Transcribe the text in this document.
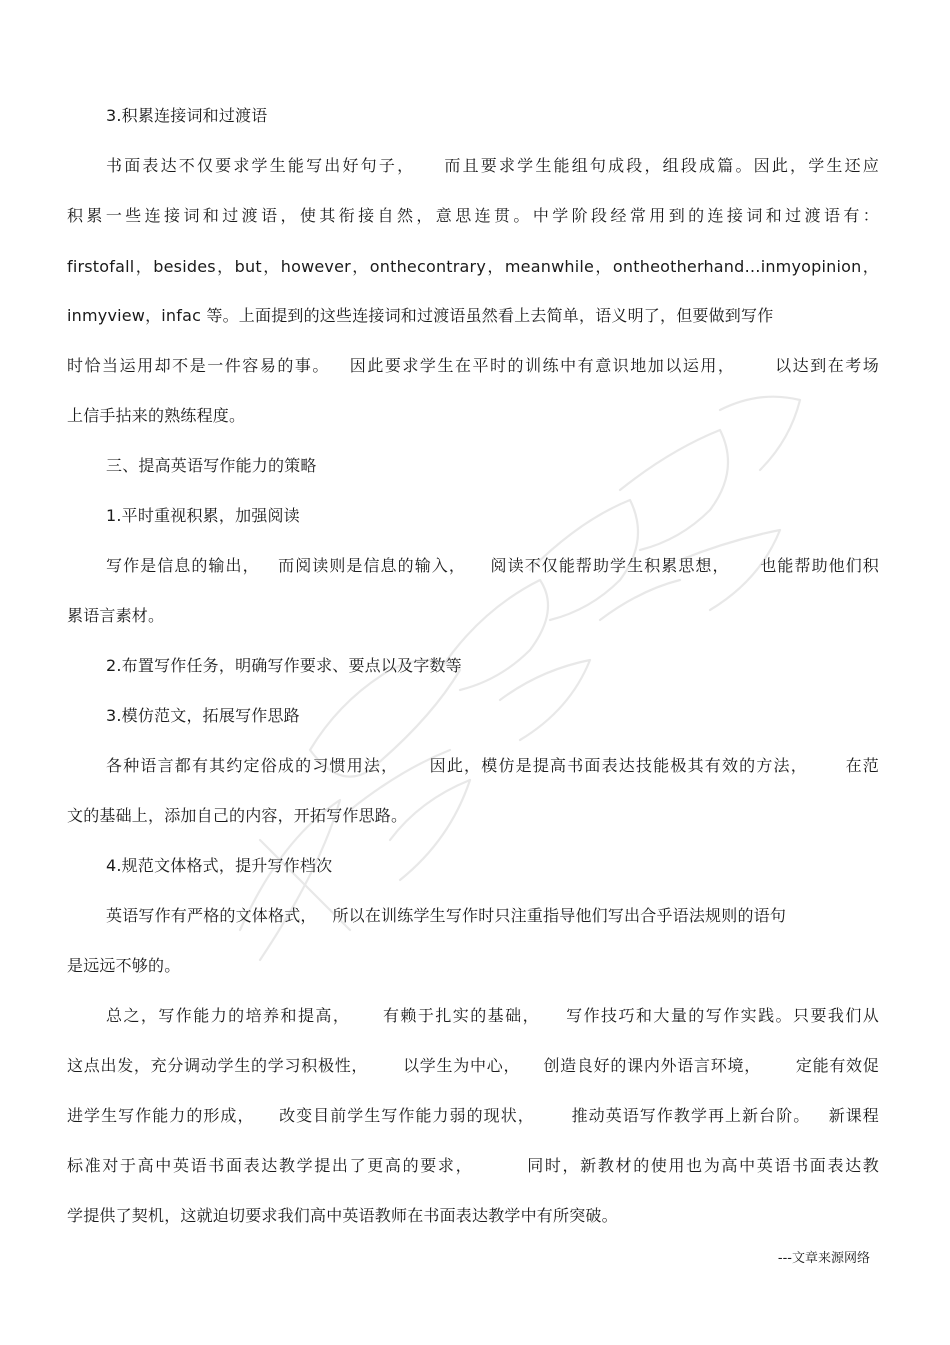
3.积累连接词和过渡语
书面表达不仅要求学生能写出好句子，    而且要求学生能组句成段，组段成篇。因此，学生还应
积累一些连接词和过渡语，使其衔接自然，意思连贯。中学阶段经常用到的连接词和过渡语有：
firstofall，besides，but，however，onthecontrary，meanwhile，ontheotherhand…inmyopinion，
inmyview，infac 等。上面提到的这些连接词和过渡语虽然看上去简单，语义明了，但要做到写作
时恰当运用却不是一件容易的事。   因此要求学生在平时的训练中有意识地加以运用，      以达到在考场
上信手拈来的熟练程度。
三、提高英语写作能力的策略
1.平时重视积累，加强阅读
写作是信息的输出，   而阅读则是信息的输入，    阅读不仅能帮助学生积累思想，     也能帮助他们积
累语言素材。
2.布置写作任务，明确写作要求、要点以及字数等
3.模仿范文，拓展写作思路
各种语言都有其约定俗成的习惯用法，     因此，模仿是提高书面表达技能极其有效的方法，      在范
文的基础上，添加自己的内容，开拓写作思路。
4.规范文体格式，提升写作档次
英语写作有严格的文体格式，   所以在训练学生写作时只注重指导他们写出合乎语法规则的语句
是远远不够的。
总之，写作能力的培养和提高，     有赖于扎实的基础，    写作技巧和大量的写作实践。只要我们从
这点出发，充分调动学生的学习积极性，      以学生为中心，    创造良好的课内外语言环境，      定能有效促
进学生写作能力的形成，    改变目前学生写作能力弱的现状，      推动英语写作教学再上新台阶。   新课程
标准对于高中英语书面表达教学提出了更高的要求，        同时，新教材的使用也为高中英语书面表达教
学提供了契机，这就迫切要求我们高中英语教师在书面表达教学中有所突破。
---文章来源网络
